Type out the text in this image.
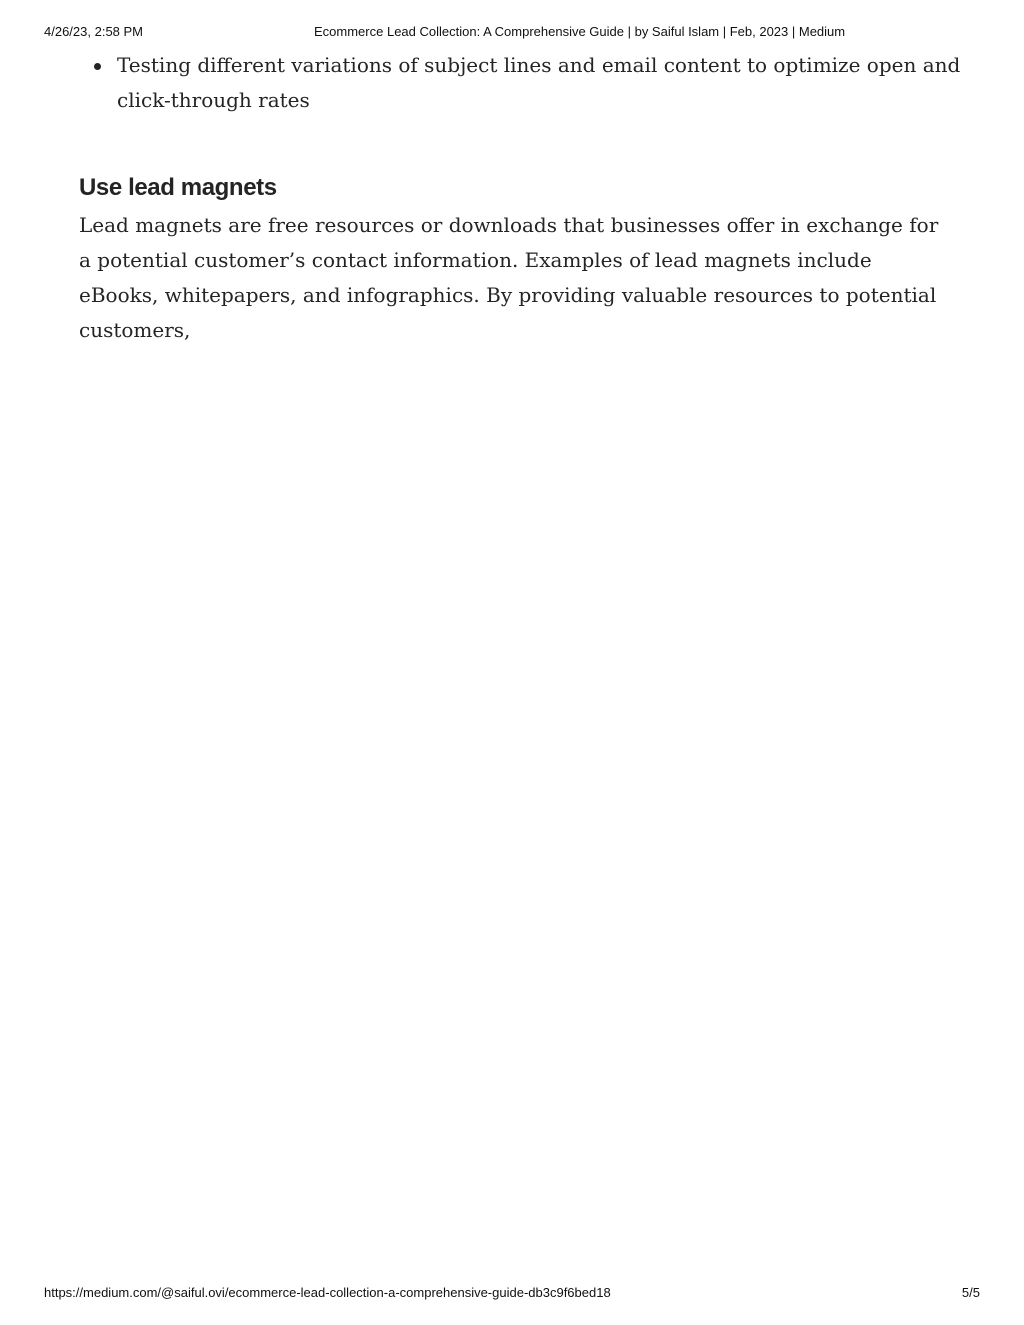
4/26/23, 2:58 PM	Ecommerce Lead Collection: A Comprehensive Guide | by Saiful Islam | Feb, 2023 | Medium
Testing different variations of subject lines and email content to optimize open and click-through rates
Use lead magnets

Lead magnets are free resources or downloads that businesses offer in exchange for a potential customer’s contact information. Examples of lead magnets include eBooks, whitepapers, and infographics. By providing valuable resources to potential customers,

https://medium.com/@saiful.ovi/ecommerce-lead-collection-a-comprehensive-guide-db3c9f6bed18	5/5
